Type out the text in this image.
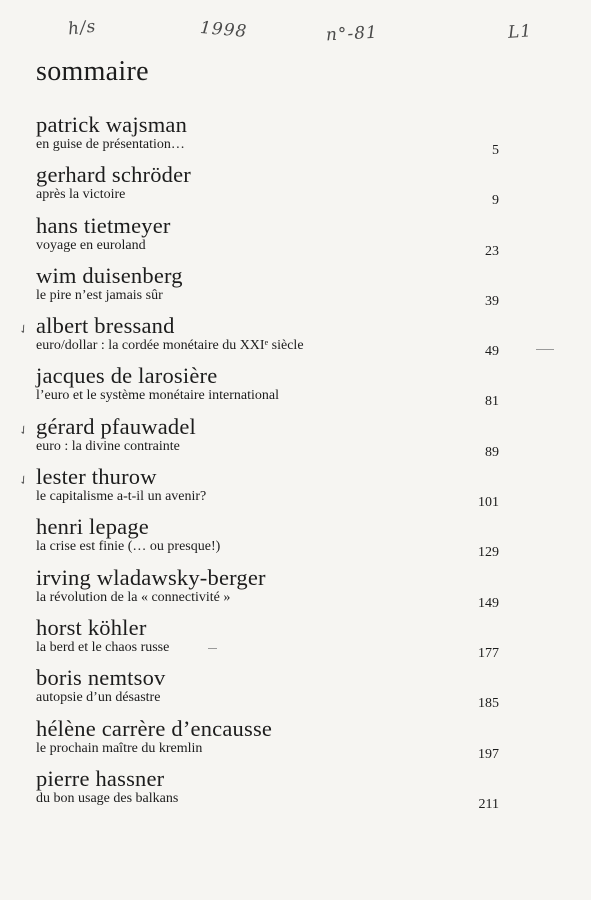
h/s	1998	n°-81	L1
sommaire
patrick wajsman
en guise de présentation…	5
gerhard schröder
après la victoire	9
hans tietmeyer
voyage en euroland	23
wim duisenberg
le pire n’est jamais sûr	39
✓ albert bressand
euro/dollar : la cordée monétaire du XXIᵉ siècle	49
jacques de larosière
l’euro et le système monétaire international	81
✓ gérard pfauwadel
euro : la divine contrainte	89
✓ lester thurow
le capitalisme a-t-il un avenir?	101
henri lepage
la crise est finie (… ou presque!)	129
irving wladawsky-berger
la révolution de la « connectivité »	149
horst köhler
la berd et le chaos russe	177
boris nemtsov
autopsie d’un désastre	185
hélène carrère d’encausse
le prochain maître du kremlin	197
pierre hassner
du bon usage des balkans	211
